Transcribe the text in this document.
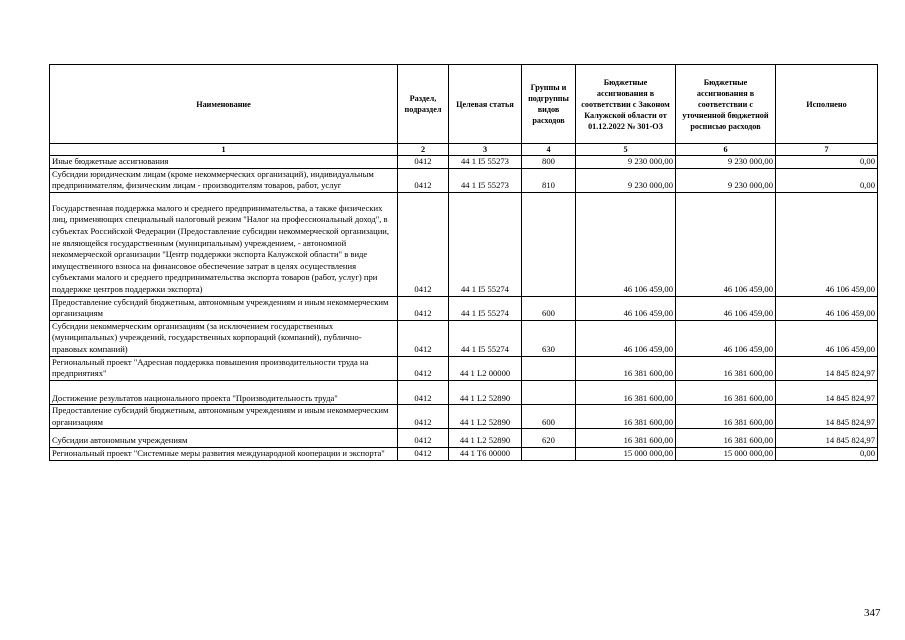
Наименование	Раздел, подраздел	Целевая статья	Группы и подгруппы видов расходов	Бюджетные ассигнования в соответствии с Законом Калужской области от 01.12.2022 № 301-ОЗ	Бюджетные ассигнования в соответствии с уточненной бюджетной росписью расходов	Исполнено
1	2	3	4	5	6	7
Иные бюджетные ассигнования	0412	44 1 I5 55273	800	9 230 000,00	9 230 000,00	0,00
Субсидии юридическим лицам (кроме некоммерческих организаций), индивидуальным предпринимателям, физическим лицам - производителям товаров, работ, услуг	0412	44 1 I5 55273	810	9 230 000,00	9 230 000,00	0,00
Государственная поддержка малого и среднего предпринимательства, а также физических лиц, применяющих специальный налоговый режим "Налог на профессиональный доход", в субъектах Российской Федерации (Предоставление субсидии некоммерческой организации, не являющейся государственным (муниципальным) учреждением, - автономной некоммерческой организации "Центр поддержки экспорта Калужской области" в виде имущественного взноса на финансовое обеспечение затрат в целях осуществления субъектами малого и среднего предпринимательства экспорта товаров (работ, услуг) при поддержке центров поддержки экспорта)	0412	44 1 I5 55274		46 106 459,00	46 106 459,00	46 106 459,00
Предоставление субсидий бюджетным, автономным учреждениям и иным некоммерческим организациям	0412	44 1 I5 55274	600	46 106 459,00	46 106 459,00	46 106 459,00
Субсидии некоммерческим организациям (за исключением государственных (муниципальных) учреждений, государственных корпораций (компаний), публично-правовых компаний)	0412	44 1 I5 55274	630	46 106 459,00	46 106 459,00	46 106 459,00
Региональный проект "Адресная поддержка повышения производительности труда на предприятиях"	0412	44 1 L2 00000		16 381 600,00	16 381 600,00	14 845 824,97
Достижение результатов национального проекта "Производительность труда"	0412	44 1 L2 52890		16 381 600,00	16 381 600,00	14 845 824,97
Предоставление субсидий бюджетным, автономным учреждениям и иным некоммерческим организациям	0412	44 1 L2 52890	600	16 381 600,00	16 381 600,00	14 845 824,97
Субсидии автономным учреждениям	0412	44 1 L2 52890	620	16 381 600,00	16 381 600,00	14 845 824,97
Региональный проект "Системные меры развития международной кооперации и экспорта"	0412	44 1 T6 00000		15 000 000,00	15 000 000,00	0,00
347
